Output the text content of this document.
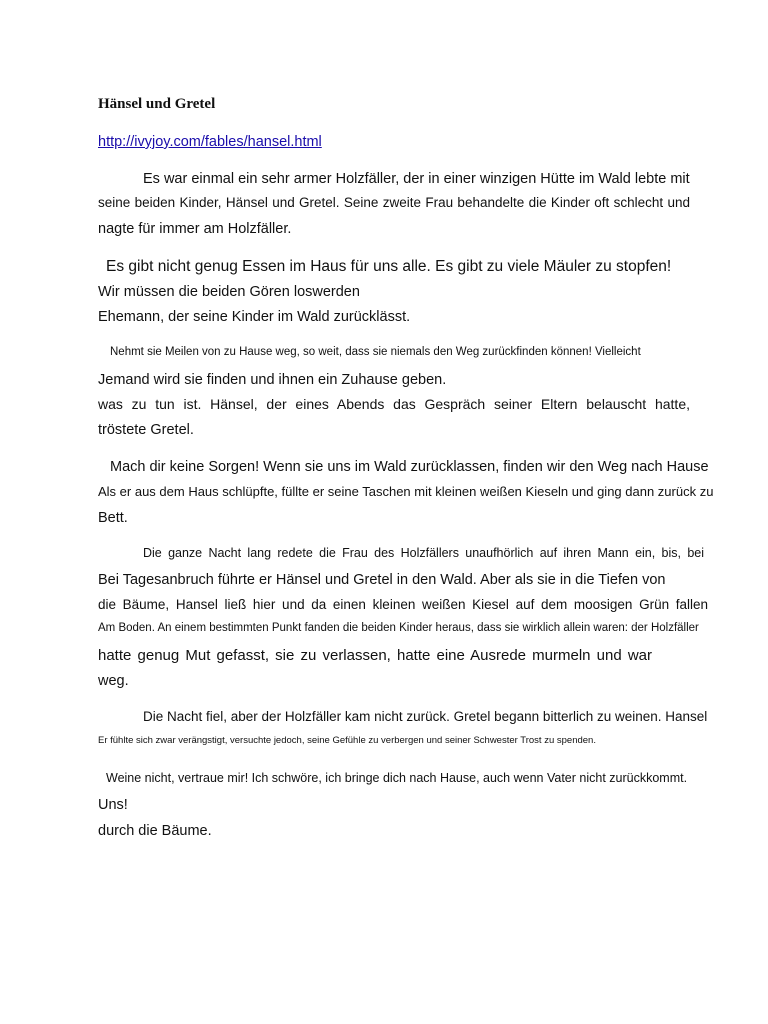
Hänsel und Gretel
http://ivyjoy.com/fables/hansel.html
Es war einmal ein sehr armer Holzfäller, der in einer winzigen Hütte im Wald lebte mit
seine beiden Kinder, Hänsel und Gretel. Seine zweite Frau behandelte die Kinder oft schlecht und
nagte für immer am Holzfäller.
Es gibt nicht genug Essen im Haus für uns alle. Es gibt zu viele Mäuler zu stopfen!
Wir müssen die beiden Gören loswerden
Ehemann, der seine Kinder im Wald zurücklässt.
Nehmt sie Meilen von zu Hause weg, so weit, dass sie niemals den Weg zurückfinden können! Vielleicht
Jemand wird sie finden und ihnen ein Zuhause geben.
was zu tun ist. Hänsel, der eines Abends das Gespräch seiner Eltern belauscht hatte,
tröstete Gretel.
Mach dir keine Sorgen! Wenn sie uns im Wald zurücklassen, finden wir den Weg nach Hause
Als er aus dem Haus schlüpfte, füllte er seine Taschen mit kleinen weißen Kieseln und ging dann zurück zu
Bett.
Die ganze Nacht lang redete die Frau des Holzfällers unaufhörlich auf ihren Mann ein, bis, bei
Bei Tagesanbruch führte er Hänsel und Gretel in den Wald. Aber als sie in die Tiefen von
die Bäume, Hansel ließ hier und da einen kleinen weißen Kiesel auf dem moosigen Grün fallen
Am Boden. An einem bestimmten Punkt fanden die beiden Kinder heraus, dass sie wirklich allein waren: der Holzfäller
hatte genug Mut gefasst, sie zu verlassen, hatte eine Ausrede murmeln und war
weg.
Die Nacht fiel, aber der Holzfäller kam nicht zurück. Gretel begann bitterlich zu weinen. Hansel
Er fühlte sich zwar verängstigt, versuchte jedoch, seine Gefühle zu verbergen und seiner Schwester Trost zu spenden.
Weine nicht, vertraue mir! Ich schwöre, ich bringe dich nach Hause, auch wenn Vater nicht zurückkommt.
Uns!
durch die Bäume.
